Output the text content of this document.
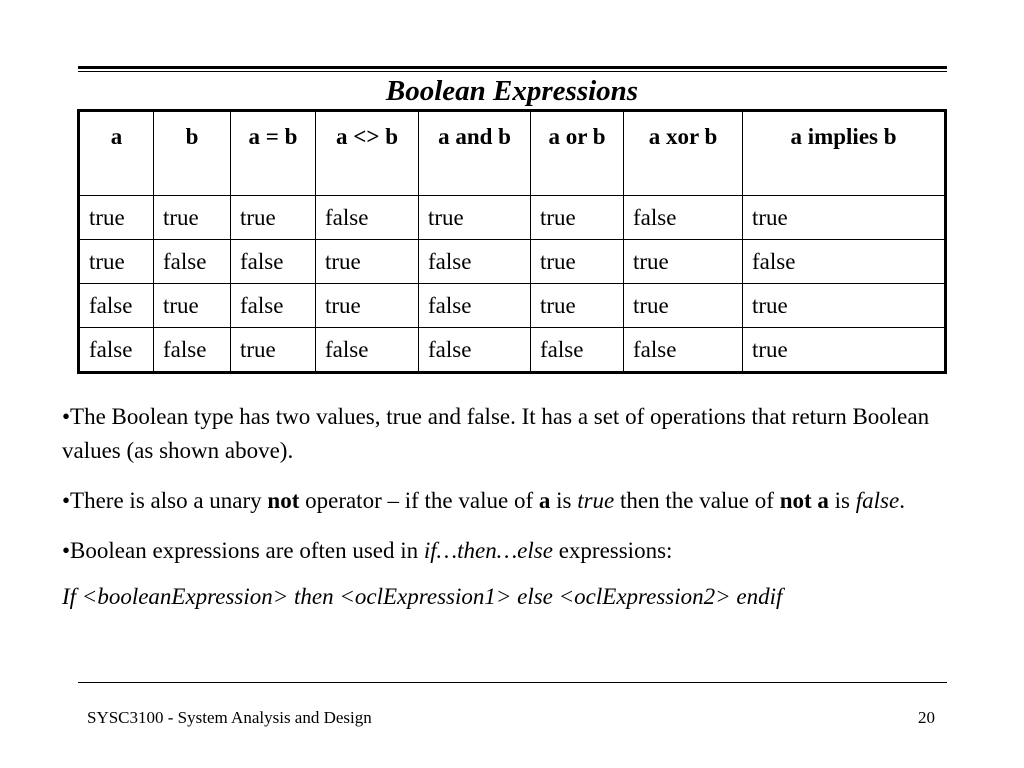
Boolean Expressions
a	b	a = b	a <> b	a and b	a or b	a xor b	a implies b
true	true	true	false	true	true	false	true
true	false	false	true	false	true	true	false
false	true	false	true	false	true	true	true
false	false	true	false	false	false	false	true

•The Boolean type has two values, true and false. It has a set of operations that return Boolean values (as shown above).

•There is also a unary not operator – if the value of a is true then the value of not a is false.

•Boolean expressions are often used in if…then…else expressions:

If <booleanExpression> then <oclExpression1> else <oclExpression2> endif

SYSC3100 - System Analysis and Design	20
